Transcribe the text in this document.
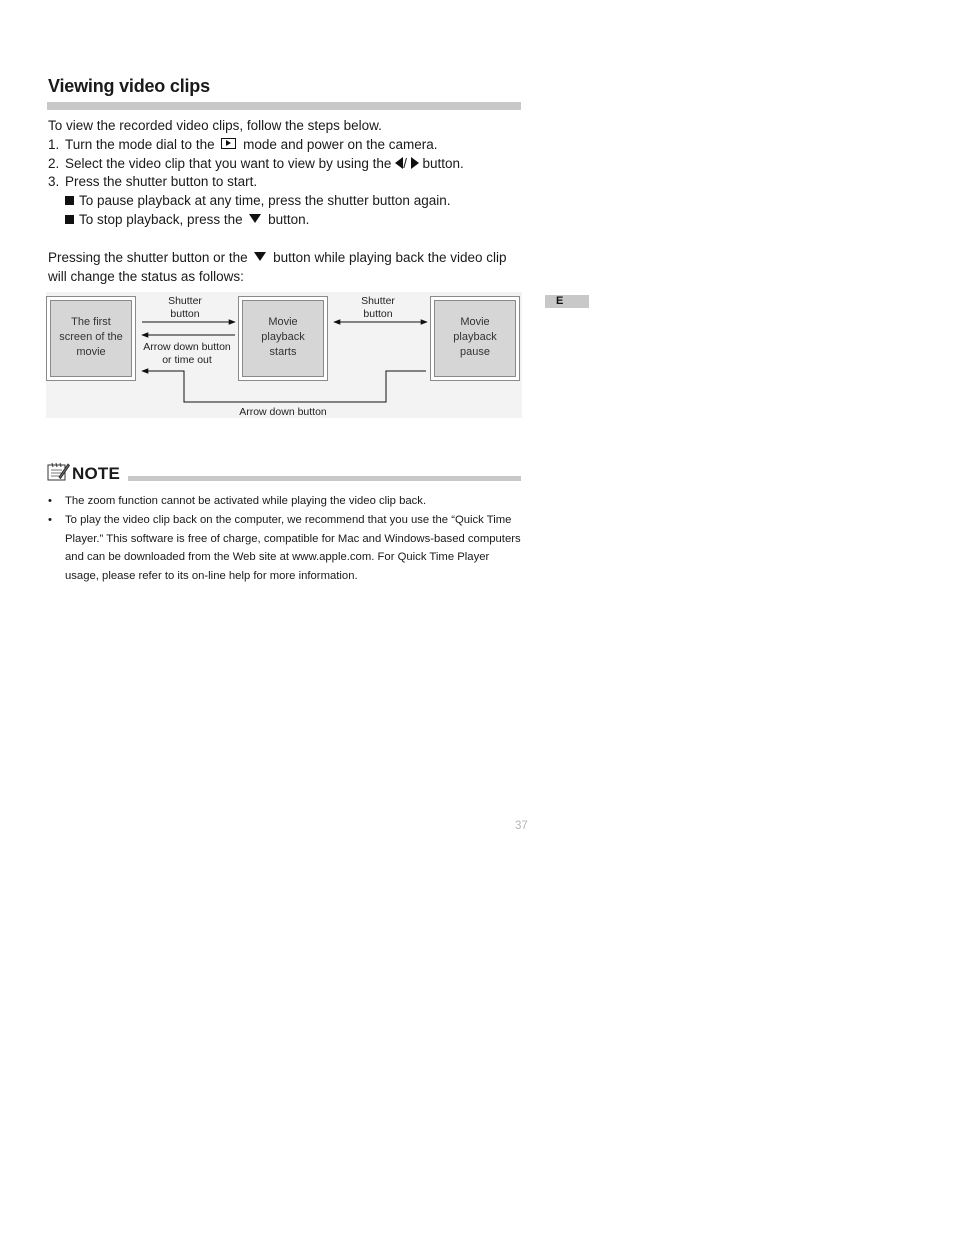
Viewing video clips
To view the recorded video clips, follow the steps below.
1. Turn the mode dial to the mode and power on the camera.
2. Select the video clip that you want to view by using the / button.
3. Press the shutter button to start.
To pause playback at any time, press the shutter button again.
To stop playback, press the button.
Pressing the shutter button or the button while playing back the video clip will change the status as follows:
The first
screen of the
movie
Movie
playback
starts
Movie
playback
pause
Shutter
button
Arrow down button
or time out
Shutter
button
Arrow down button
E
NOTE
• The zoom function cannot be activated while playing the video clip back.
• To play the video clip back on the computer, we recommend that you use the “Quick Time Player.” This software is free of charge, compatible for Mac and Windows-based computers and can be downloaded from the Web site at www.apple.com. For Quick Time Player usage, please refer to its on-line help for more information.
37
